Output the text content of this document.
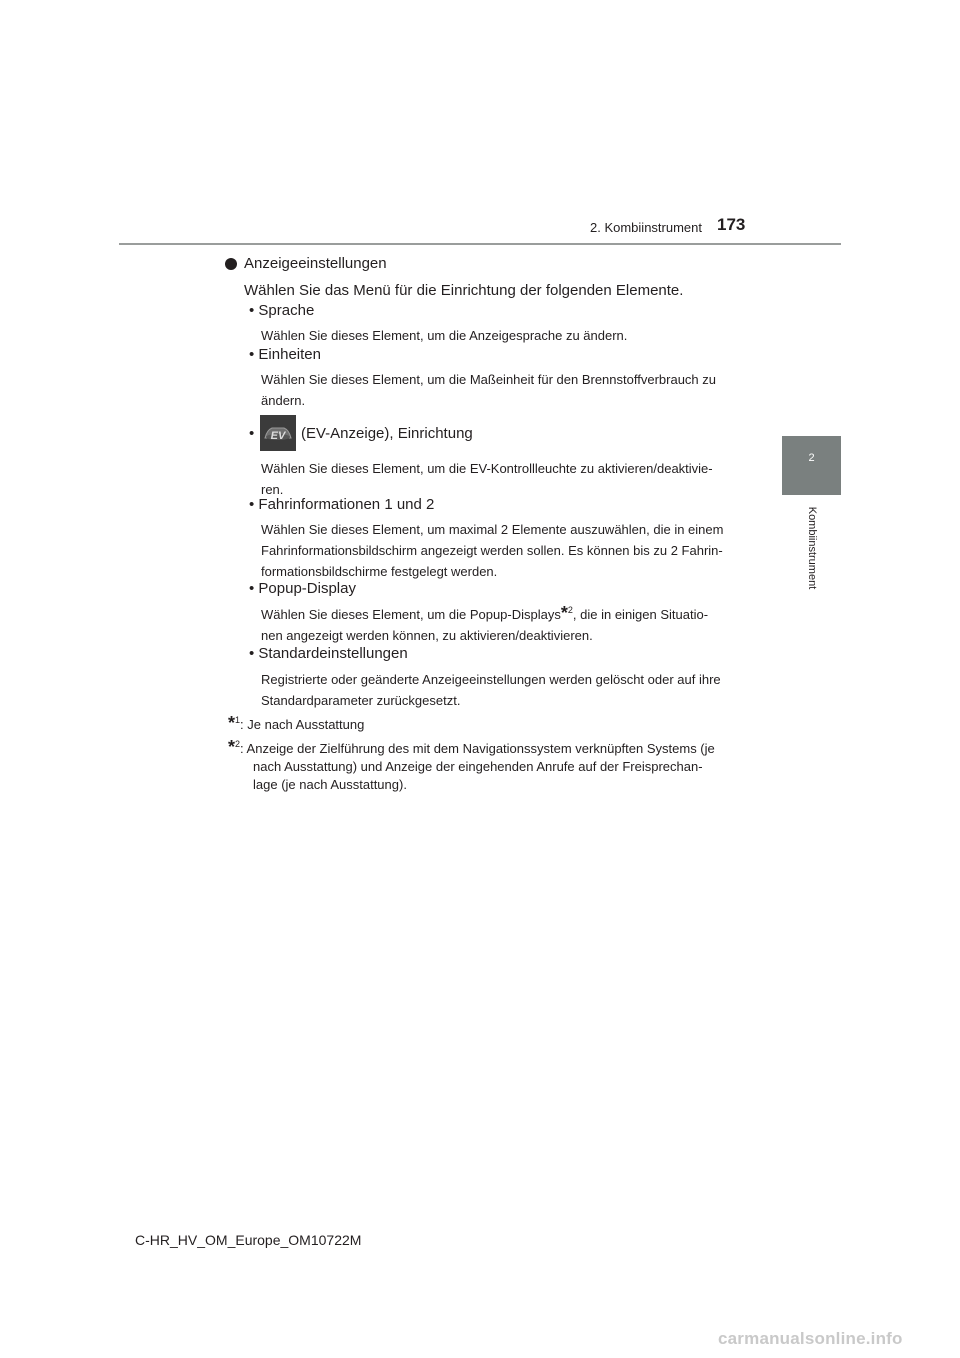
2. Kombiinstrument 173
2
Kombiinstrument

Anzeigeeinstellungen

Wählen Sie das Menü für die Einrichtung der folgenden Elemente.

• Sprache

Wählen Sie dieses Element, um die Anzeigesprache zu ändern.

• Einheiten

Wählen Sie dieses Element, um die Maßeinheit für den Brennstoffverbrauch zu

ändern.

• EV (EV-Anzeige), Einrichtung

Wählen Sie dieses Element, um die EV-Kontrollleuchte zu aktivieren/deaktivie-

ren.

• Fahrinformationen 1 und 2

Wählen Sie dieses Element, um maximal 2 Elemente auszuwählen, die in einem

Fahrinformationsbildschirm angezeigt werden sollen. Es können bis zu 2 Fahrin-

formationsbildschirme festgelegt werden.

• Popup-Display

Wählen Sie dieses Element, um die Popup-Displays*$^2$, die in einigen Situatio-

nen angezeigt werden können, zu aktivieren/deaktivieren.

• Standardeinstellungen

Registrierte oder geänderte Anzeigeeinstellungen werden gelöscht oder auf ihre

Standardparameter zurückgesetzt.

*$^1$: Je nach Ausstattung

*$^2$: Anzeige der Zielführung des mit dem Navigationssystem verknüpften Systems (je

nach Ausstattung) und Anzeige der eingehenden Anrufe auf der Freisprechan-

lage (je nach Ausstattung).

C-HR_HV_OM_Europe_OM10722M
carmanualsonline.info
